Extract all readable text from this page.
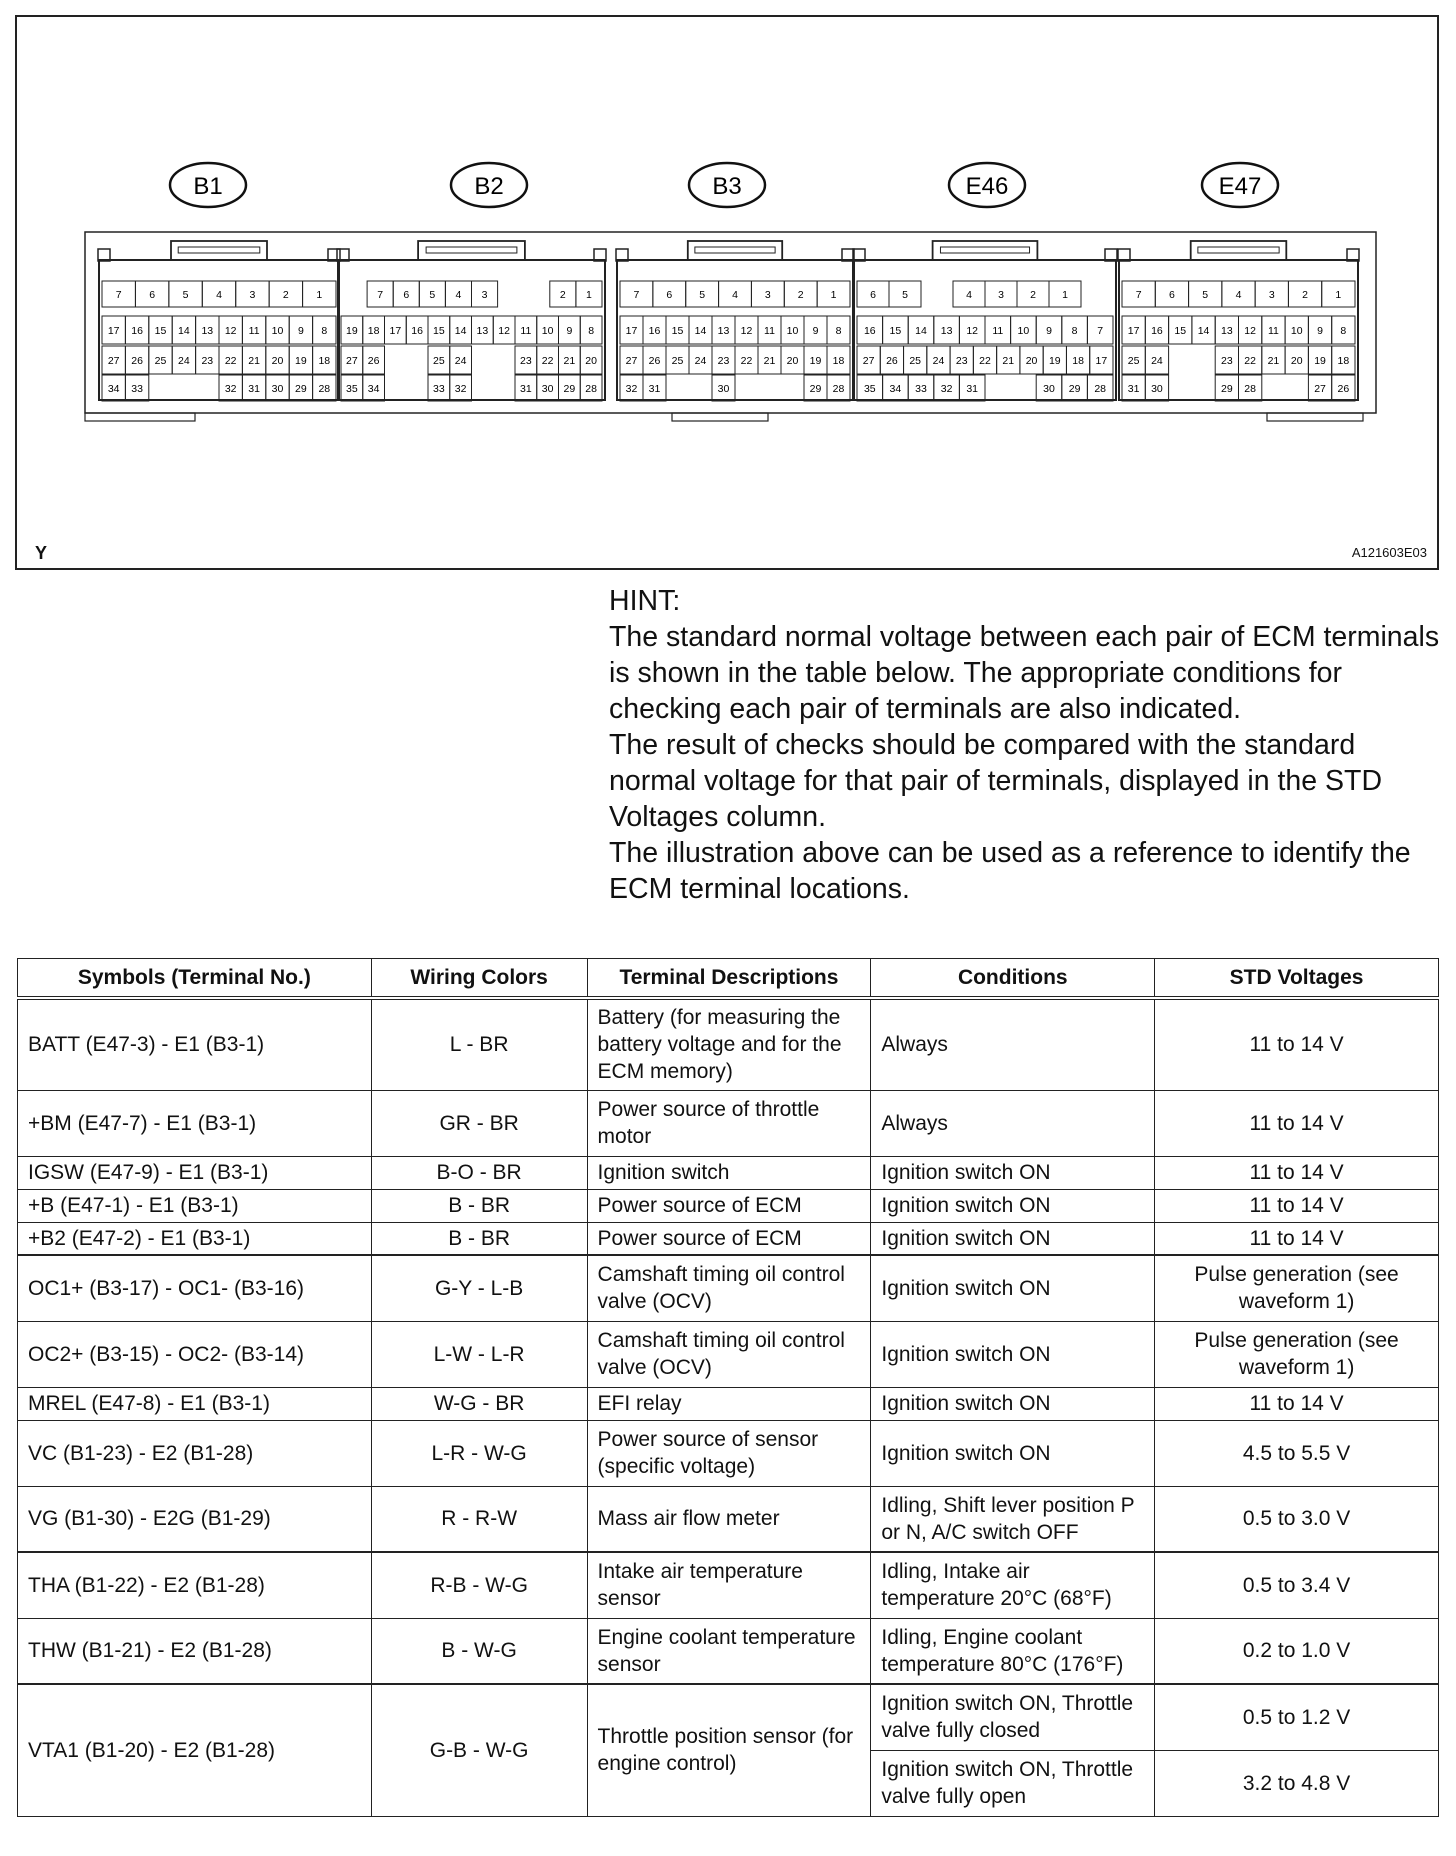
B1
7	6	5	4	3	2	1
17 16 15 14 13 12 11 10 9 8
27 26 25 24 23 22 21 20 19 18
34 33	32 31 30 29 28
B2
7 6 5 4 3	2 1
19 18 17 16 15 14 13 12 11 10 9 8
27 26	25 24	23 22 21 20
35 34	33 32	31 30 29 28
B3
7	6	5	4	3	2	1
17 16 15 14 13 12 11 10 9 8
27 26 25 24 23 22 21 20 19 18
32 31	30	29 28
E46
6 5	4 3 2 1
16 15 14 13 12 11 10 9 8 7
27 26 25 24 23 22 21 20 19 18 17
35 34 33 32 31	30 29 28
E47
7	6	5	4	3	2	1
17 16 15 14 13 12 11 10 9 8
25 24	23 22 21 20 19 18
31 30	29 28	27 26
Y	A121603E03

HINT:

The standard normal voltage between each pair of ECM terminals is shown in the table below. The appropriate conditions for checking each pair of terminals are also indicated.

The result of checks should be compared with the standard normal voltage for that pair of terminals, displayed in the STD Voltages column.

The illustration above can be used as a reference to identify the ECM terminal locations.

Symbols (Terminal No.)	Wiring Colors	Terminal Descriptions	Conditions	STD Voltages
BATT (E47-3) - E1 (B3-1)	L - BR	Battery (for measuring the battery voltage and for the ECM memory)	Always	11 to 14 V
+BM (E47-7) - E1 (B3-1)	GR - BR	Power source of throttle motor	Always	11 to 14 V
IGSW (E47-9) - E1 (B3-1)	B-O - BR	Ignition switch	Ignition switch ON	11 to 14 V
+B (E47-1) - E1 (B3-1)	B - BR	Power source of ECM	Ignition switch ON	11 to 14 V
+B2 (E47-2) - E1 (B3-1)	B - BR	Power source of ECM	Ignition switch ON	11 to 14 V
OC1+ (B3-17) - OC1- (B3-16)	G-Y - L-B	Camshaft timing oil control valve (OCV)	Ignition switch ON	Pulse generation (see waveform 1)
OC2+ (B3-15) - OC2- (B3-14)	L-W - L-R	Camshaft timing oil control valve (OCV)	Ignition switch ON	Pulse generation (see waveform 1)
MREL (E47-8) - E1 (B3-1)	W-G - BR	EFI relay	Ignition switch ON	11 to 14 V
VC (B1-23) - E2 (B1-28)	L-R - W-G	Power source of sensor (specific voltage)	Ignition switch ON	4.5 to 5.5 V
VG (B1-30) - E2G (B1-29)	R - R-W	Mass air flow meter	Idling, Shift lever position P or N, A/C switch OFF	0.5 to 3.0 V
THA (B1-22) - E2 (B1-28)	R-B - W-G	Intake air temperature sensor	Idling, Intake air temperature 20°C (68°F)	0.5 to 3.4 V
THW (B1-21) - E2 (B1-28)	B - W-G	Engine coolant temperature sensor	Idling, Engine coolant temperature 80°C (176°F)	0.2 to 1.0 V
VTA1 (B1-20) - E2 (B1-28)	G-B - W-G	Throttle position sensor (for engine control)	Ignition switch ON, Throttle valve fully closed	0.5 to 1.2 V
			Ignition switch ON, Throttle valve fully open	3.2 to 4.8 V
